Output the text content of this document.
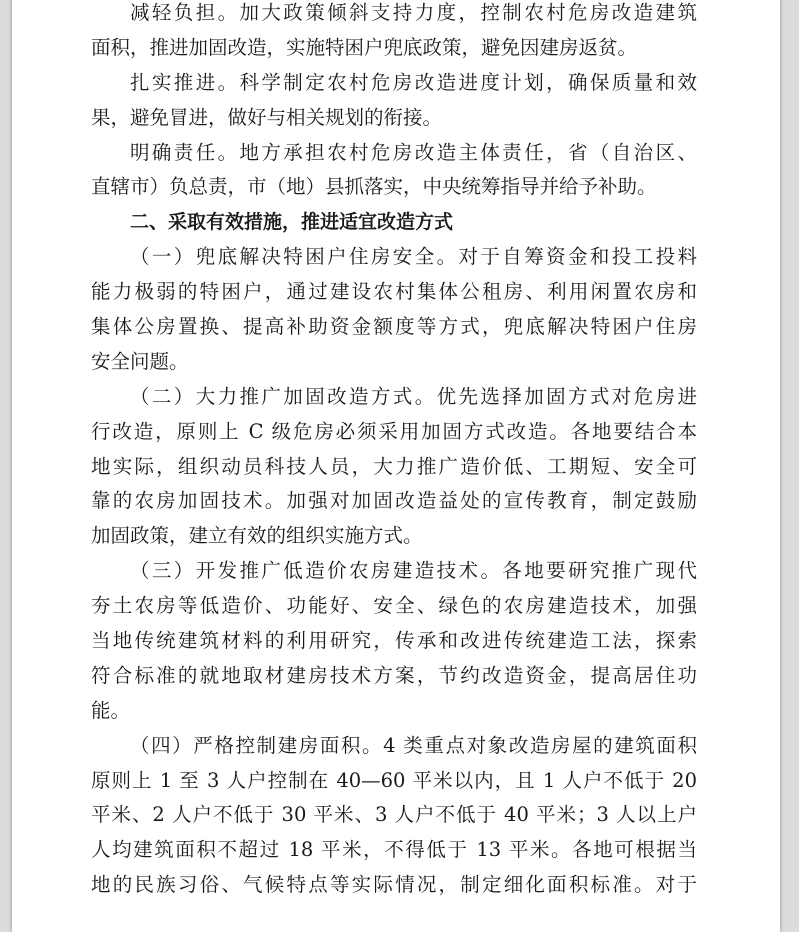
减轻负担。加大政策倾斜支持力度，控制农村危房改造建筑
面积，推进加固改造，实施特困户兜底政策，避免因建房返贫。
扎实推进。科学制定农村危房改造进度计划，确保质量和效
果，避免冒进，做好与相关规划的衔接。
明确责任。地方承担农村危房改造主体责任，省（自治区、
直辖市）负总责，市（地）县抓落实，中央统筹指导并给予补助。
二、采取有效措施，推进适宜改造方式
（一）兜底解决特困户住房安全。对于自筹资金和投工投料
能力极弱的特困户，通过建设农村集体公租房、利用闲置农房和
集体公房置换、提高补助资金额度等方式，兜底解决特困户住房
安全问题。
（二）大力推广加固改造方式。优先选择加固方式对危房进
行改造，原则上 C 级危房必须采用加固方式改造。各地要结合本
地实际，组织动员科技人员，大力推广造价低、工期短、安全可
靠的农房加固技术。加强对加固改造益处的宣传教育，制定鼓励
加固政策，建立有效的组织实施方式。
（三）开发推广低造价农房建造技术。各地要研究推广现代
夯土农房等低造价、功能好、安全、绿色的农房建造技术，加强
当地传统建筑材料的利用研究，传承和改进传统建造工法，探索
符合标准的就地取材建房技术方案，节约改造资金，提高居住功
能。
（四）严格控制建房面积。4 类重点对象改造房屋的建筑面积
原则上 1 至 3 人户控制在 40—60 平米以内，且 1 人户不低于 20
平米、2 人户不低于 30 平米、3 人户不低于 40 平米；3 人以上户
人均建筑面积不超过 18 平米，不得低于 13 平米。各地可根据当
地的民族习俗、气候特点等实际情况，制定细化面积标准。对于
